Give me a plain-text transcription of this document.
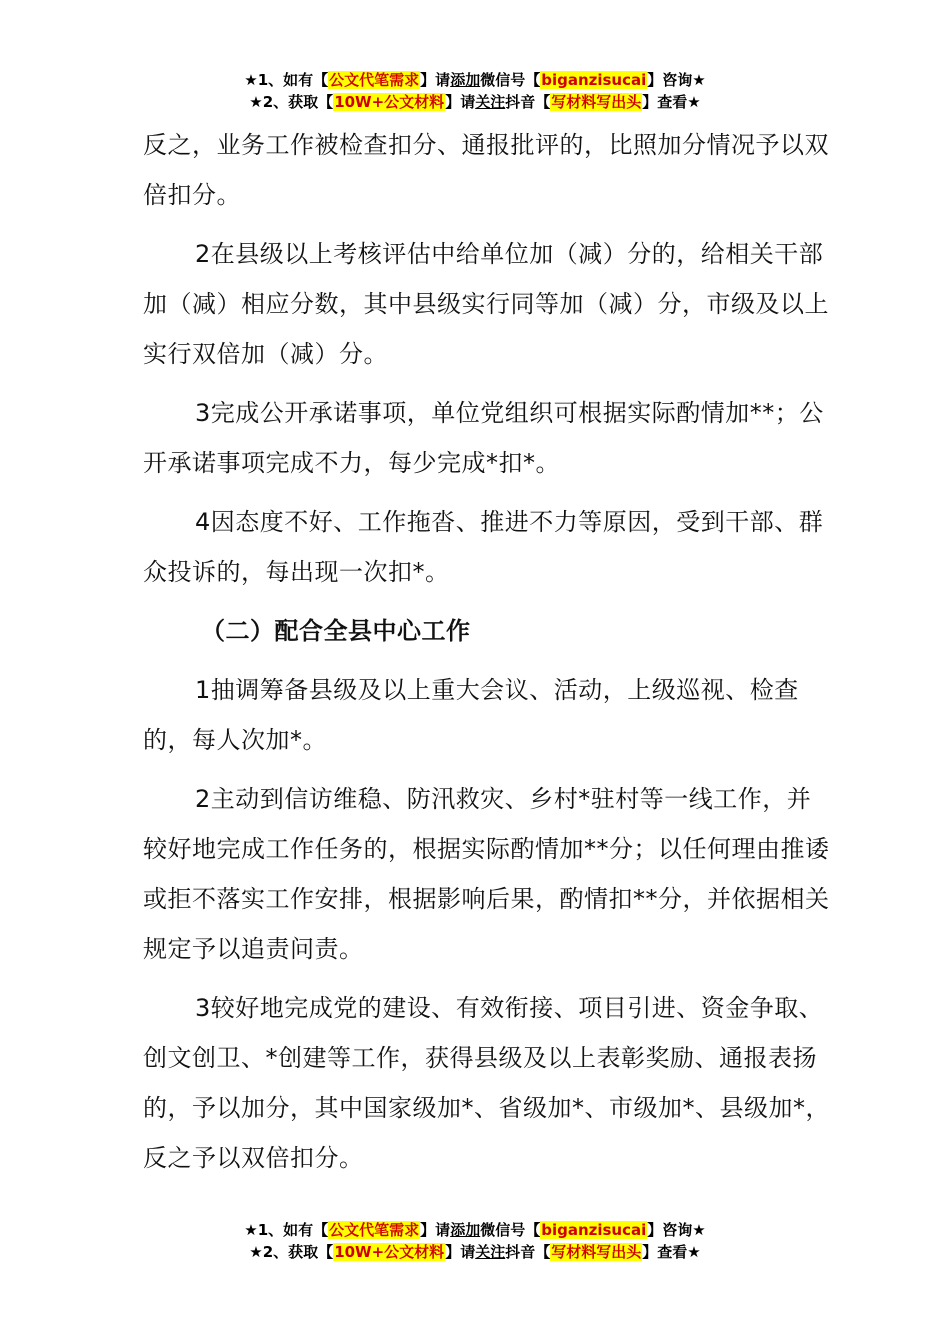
★1、如有【公文代笔需求】请添加微信号【biganzisucai】咨询★
★2、获取【10W+公文材料】请关注抖音【写材料写出头】查看★

反之，业务工作被检查扣分、通报批评的，比照加分情况予以双倍扣分。

2在县级以上考核评估中给单位加（减）分的，给相关干部加（减）相应分数，其中县级实行同等加（减）分，市级及以上实行双倍加（减）分。

3完成公开承诺事项，单位党组织可根据实际酌情加**；公开承诺事项完成不力，每少完成*扣*。

4因态度不好、工作拖沓、推进不力等原因，受到干部、群众投诉的，每出现一次扣*。

（二）配合全县中心工作

1抽调筹备县级及以上重大会议、活动，上级巡视、检查的，每人次加*。

2主动到信访维稳、防汛救灾、乡村*驻村等一线工作，并较好地完成工作任务的，根据实际酌情加**分；以任何理由推诿或拒不落实工作安排，根据影响后果，酌情扣**分，并依据相关规定予以追责问责。

3较好地完成党的建设、有效衔接、项目引进、资金争取、创文创卫、*创建等工作，获得县级及以上表彰奖励、通报表扬的，予以加分，其中国家级加*、省级加*、市级加*、县级加*，反之予以双倍扣分。

★1、如有【公文代笔需求】请添加微信号【biganzisucai】咨询★
★2、获取【10W+公文材料】请关注抖音【写材料写出头】查看★
